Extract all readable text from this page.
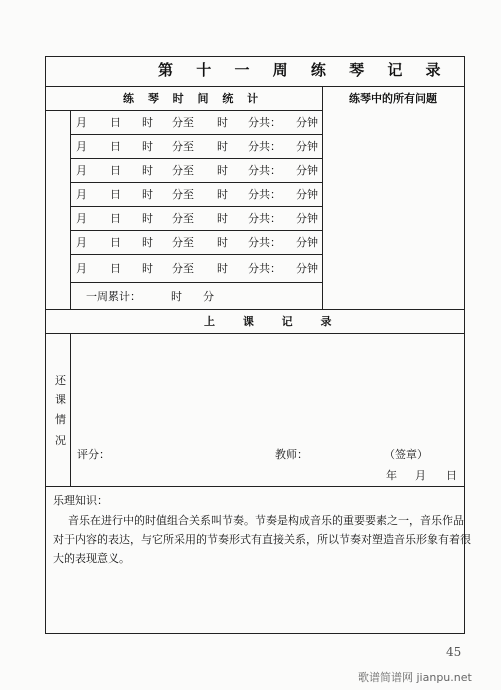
第 十 一 周 练 琴 记 录
练 琴 时 间 统 计	练琴中的所有问题
月 日 时 分至 时 分共： 分钟
月 日 时 分至 时 分共： 分钟
月 日 时 分至 时 分共： 分钟
月 日 时 分至 时 分共： 分钟
月 日 时 分至 时 分共： 分钟
月 日 时 分至 时 分共： 分钟
月 日 时 分至 时 分共： 分钟
一周累计：	时 分
上 课 记 录
还
课
情
况
评分：	教师：	（签章）
年 月 日
乐理知识：
音乐在进行中的时值组合关系叫节奏。节奏是构成音乐的重要要素之一，音乐作品
对于内容的表达，与它所采用的节奏形式有直接关系，所以节奏对塑造音乐形象有着很
大的表现意义。
45
歌谱简谱网 jianpu.net
